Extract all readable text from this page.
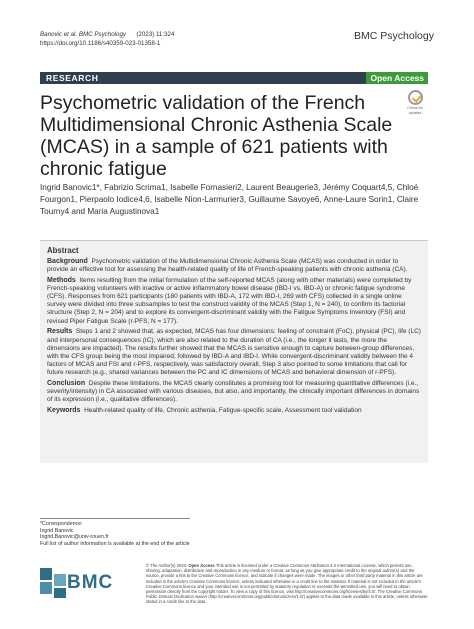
Banovic et al. BMC Psychology (2023) 11:324
https://doi.org/10.1186/s40359-023-01358-1
BMC Psychology
RESEARCH	Open Access
Check for
updates
Psychometric validation of the French Multidimensional Chronic Asthenia Scale (MCAS) in a sample of 621 patients with chronic fatigue
Ingrid Banovic1*, Fabrizio Scrima1, Isabelle Fornasieri2, Laurent Beaugerie3, Jérémy Coquart4,5, Chloé Fourgon1, Pierpaolo Iodice4,6, Isabelle Nion-Larmurier3, Guillaume Savoye6, Anne-Laure Sorin1, Claire Tourny4 and Maria Augustinova1
Abstract
Background Psychometric validation of the Multidimensional Chronic Asthenia Scale (MCAS) was conducted in order to provide an effective tool for assessing the health-related quality of life of French-speaking patients with chronic asthenia (CA).
Methods Items resulting from the initial formulation of the self-reported MCAS (along with other materials) were completed by French-speaking volunteers with inactive or active inflammatory bowel disease (IBD-I vs. IBD-A) or chronic fatigue syndrome (CFS). Responses from 621 participants (180 patients with IBD-A, 172 with IBD-I, 269 with CFS) collected in a single online survey were divided into three subsamples to test the construct validity of the MCAS (Step 1, N = 240), to confirm its factorial structure (Step 2, N = 204) and to explore its convergent-discriminant validity with the Fatigue Symptoms Inventory (FSI) and revised Piper Fatigue Scale (r-PFS, N = 177).
Results Steps 1 and 2 showed that, as expected, MCAS has four dimensions: feeling of constraint (FoC), physical (PC), life (LC) and interpersonal consequences (IC), which are also related to the duration of CA (i.e., the longer it lasts, the more the dimensions are impacted). The results further showed that the MCAS is sensitive enough to capture between-group differences, with the CFS group being the most impaired, followed by IBD-A and IBD-I. While convergent-discriminant validity between the 4 factors of MCAS and FSI and r-PFS, respectively, was satisfactory overall, Step 3 also pointed to some limitations that call for future research (e.g., shared variances between the PC and IC dimensions of MCAS and behavioral dimension of r-PFS).
Conclusion Despite these limitations, the MCAS clearly constitutes a promising tool for measuring quantitative differences (i.e., severity/intensity) in CA associated with various diseases, but also, and importantly, the clinically important differences in domains of its expression (i.e., qualitative differences).
Keywords Health-related quality of life, Chronic asthenia, Fatigue-specific scale, Assessment tool validation
*Correspondence:
Ingrid Banovic
Ingrid.Banovic@univ-rouen.fr
Full list of author information is available at the end of the article
BMC
© The Author(s) 2023. Open Access This article is licensed under a Creative Commons Attribution 4.0 International License, which permits use, sharing, adaptation, distribution and reproduction in any medium or format, as long as you give appropriate credit to the original author(s) and the source, provide a link to the Creative Commons licence, and indicate if changes were made. The images or other third party material in this article are included in the article's Creative Commons licence, unless indicated otherwise in a credit line to the material. If material is not included in the article's Creative Commons licence and your intended use is not permitted by statutory regulation or exceeds the permitted use, you will need to obtain permission directly from the copyright holder. To view a copy of this licence, visit http://creativecommons.org/licenses/by/4.0/. The Creative Commons Public Domain Dedication waiver (http://creativecommons.org/publicdomain/zero/1.0/) applies to the data made available in this article, unless otherwise stated in a credit line to the data.
